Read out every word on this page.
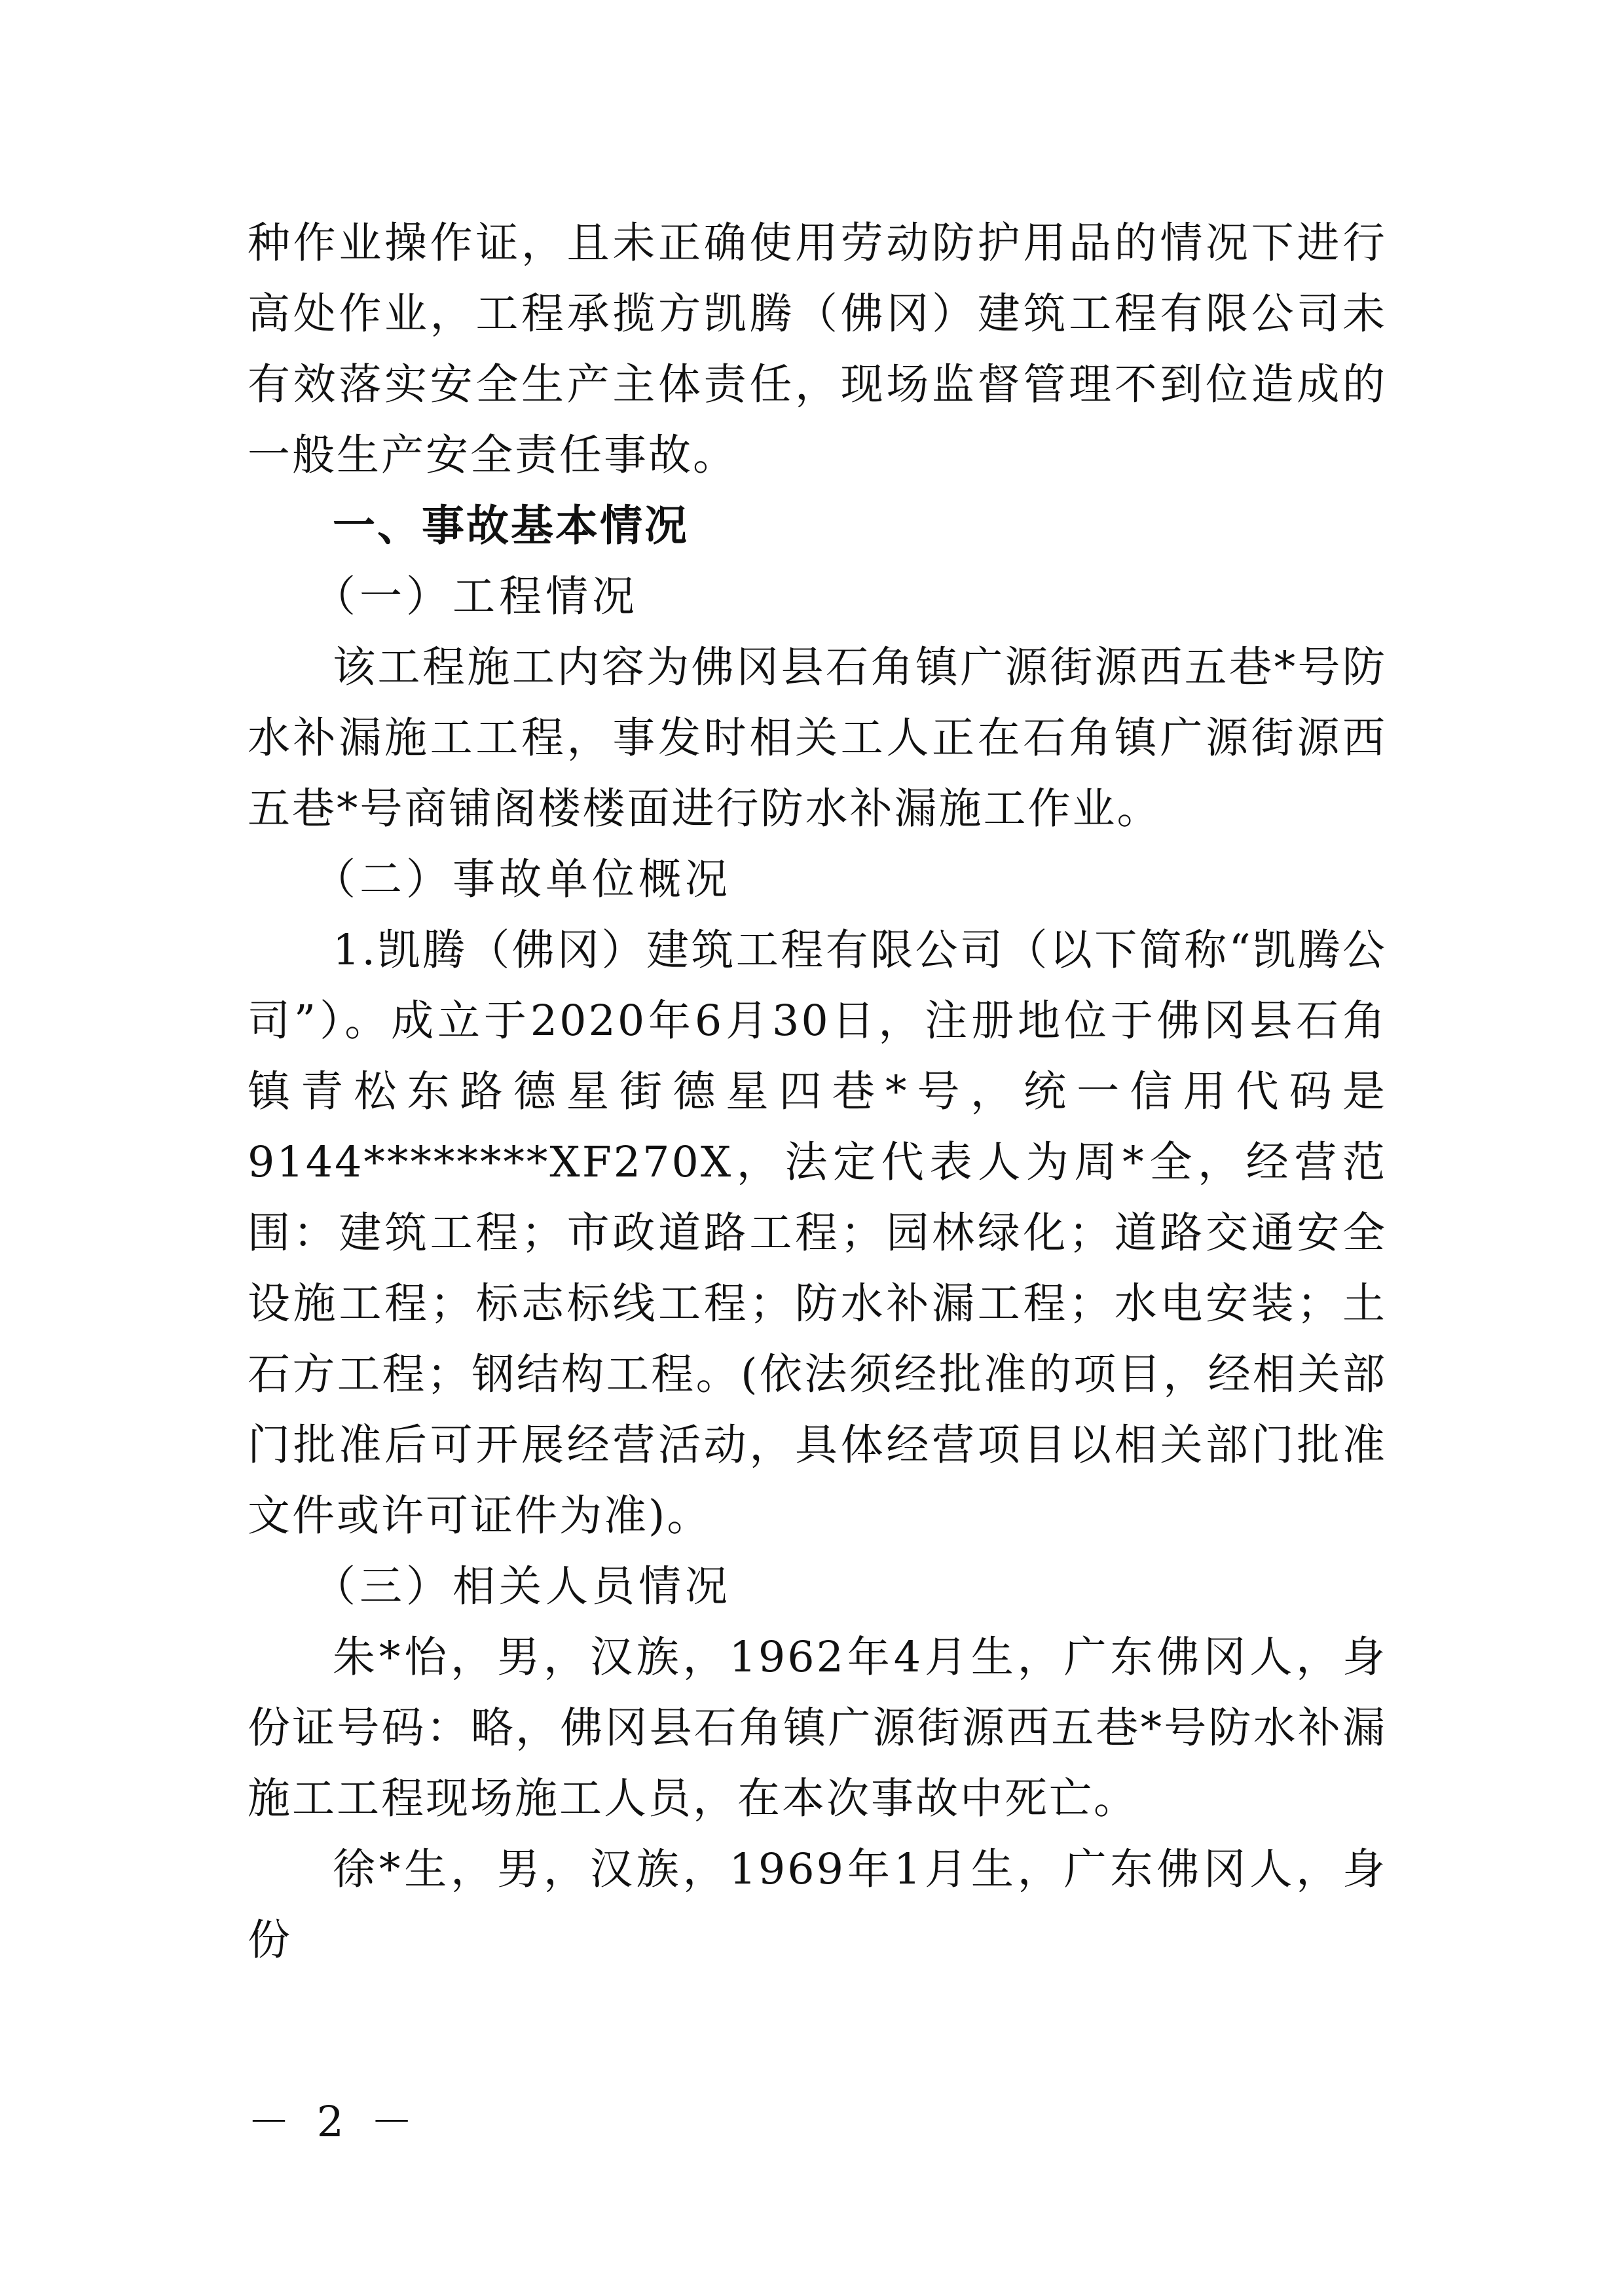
种作业操作证，且未正确使用劳动防护用品的情况下进行高处作业，工程承揽方凯腾（佛冈）建筑工程有限公司未有效落实安全生产主体责任，现场监督管理不到位造成的一般生产安全责任事故。

一、事故基本情况

（一）工程情况

该工程施工内容为佛冈县石角镇广源街源西五巷*号防水补漏施工工程，事发时相关工人正在石角镇广源街源西五巷*号商铺阁楼楼面进行防水补漏施工作业。

（二）事故单位概况

1.凯腾（佛冈）建筑工程有限公司（以下简称“凯腾公司”）。成立于2020年6月30日，注册地位于佛冈县石角镇青松东路德星街德星四巷*号，统一信用代码是9144********XF270X，法定代表人为周*全，经营范围：建筑工程；市政道路工程；园林绿化；道路交通安全设施工程；标志标线工程；防水补漏工程；水电安装；土石方工程；钢结构工程。(依法须经批准的项目，经相关部门批准后可开展经营活动，具体经营项目以相关部门批准文件或许可证件为准)。

（三）相关人员情况

朱*怡，男，汉族，1962年4月生，广东佛冈人，身份证号码：略，佛冈县石角镇广源街源西五巷*号防水补漏施工工程现场施工人员，在本次事故中死亡。

徐*生，男，汉族，1969年1月生，广东佛冈人，身份

－ 2 －
